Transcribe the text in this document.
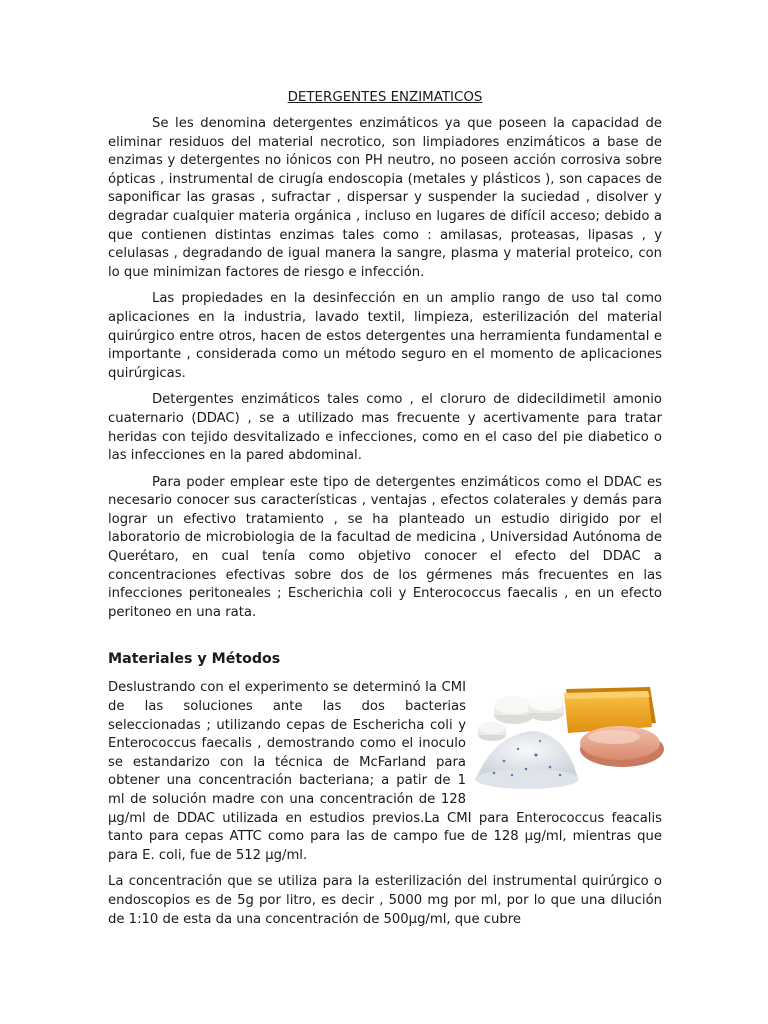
DETERGENTES ENZIMATICOS

Se les denomina detergentes enzimáticos ya que poseen la capacidad de eliminar residuos del material necrotico, son limpiadores enzimáticos a base de enzimas y detergentes no iónicos con PH neutro, no poseen acción corrosiva sobre ópticas , instrumental de cirugía endoscopia (metales y plásticos ), son capaces de saponificar las grasas , sufractar , dispersar y suspender la suciedad , disolver y degradar cualquier materia orgánica , incluso en lugares de difícil acceso; debido a que contienen distintas enzimas tales como : amilasas, proteasas, lipasas , y celulasas , degradando de igual manera la sangre, plasma y material proteico, con lo que minimizan factores de riesgo e infección.

Las propiedades en la desinfección en un amplio rango de uso tal como aplicaciones en la industria, lavado textil, limpieza, esterilización del material quirúrgico entre otros, hacen de estos detergentes una herramienta fundamental e importante , considerada como un método seguro en el momento de aplicaciones quirúrgicas.

Detergentes enzimáticos tales como , el cloruro de dideciIdimetil amonio cuaternario (DDAC) , se a utilizado mas frecuente y acertivamente para tratar heridas con tejido desvitalizado e infecciones, como en el caso del pie diabetico o las infecciones en la pared abdominal.

Para poder emplear este tipo de detergentes enzimáticos como el DDAC es necesario conocer sus características , ventajas , efectos colaterales y demás para lograr un efectivo tratamiento , se ha planteado un estudio dirigido por el laboratorio de microbiologia de la facultad de medicina , Universidad Autónoma de Querétaro, en cual tenía como objetivo conocer el efecto del DDAC a concentraciones efectivas sobre dos de los gérmenes más frecuentes en las infecciones peritoneales ; Escherichia coli y Enterococcus faecalis , en un efecto peritoneo en una rata.

Materiales y Métodos

Deslustrando con el experimento se determinó la CMI de las soluciones ante las dos bacterias seleccionadas ; utilizando cepas de Eschericha coli y Enterococcus faecalis , demostrando como el inoculo se estandarizo con la técnica de McFarland para obtener una concentración bacteriana; a patir de 1 ml de solución madre con una concentración de 128 µg/ml de DDAC utilizada en estudios previos.La CMI para Enterococcus feacalis tanto para cepas ATTC como para las de campo fue de 128 µg/ml, mientras que para E. coli, fue de 512 µg/ml.

La concentración que se utiliza para la esterilización del instrumental quirúrgico o endoscopios es de 5g por litro, es decir , 5000 mg por ml, por lo que una dilución de 1:10 de esta da una concentración de 500µg/ml, que cubre
